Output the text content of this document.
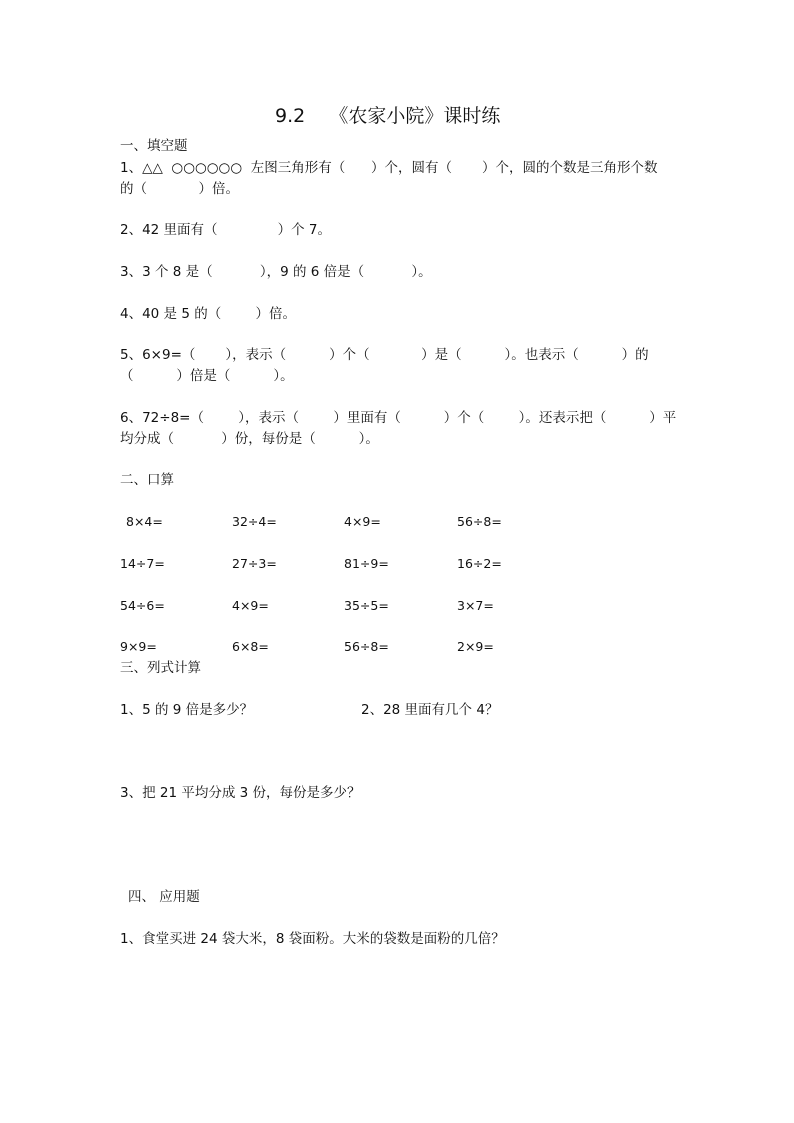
9.2    《农家小院》课时练
一、填空题
1、△△  ○○○○○○  左图三角形有（      ）个，圆有（       ）个，圆的个数是三角形个数
的（            ）倍。
2、42 里面有（              ）个 7。
3、3 个 8 是（           ），9 的 6 倍是（           ）。
4、40 是 5 的（        ）倍。
5、6×9=（       ），表示（          ）个（            ）是（          ）。也表示（          ）的
（          ）倍是（          ）。
6、72÷8=（        ），表示（        ）里面有（          ）个（        ）。还表示把（          ）平
均分成（           ）份，每份是（          ）。
二、口算
8×4=	32÷4=	4×9=	56÷8=
14÷7=	27÷3=	81÷9=	16÷2=
54÷6=	4×9=	35÷5=	3×7=
9×9=	6×8=	56÷8=	2×9=
三、列式计算
1、5 的 9 倍是多少？	2、28 里面有几个 4？
3、把 21 平均分成 3 份，每份是多少？
四、 应用题
1、食堂买进 24 袋大米，8 袋面粉。大米的袋数是面粉的几倍？
